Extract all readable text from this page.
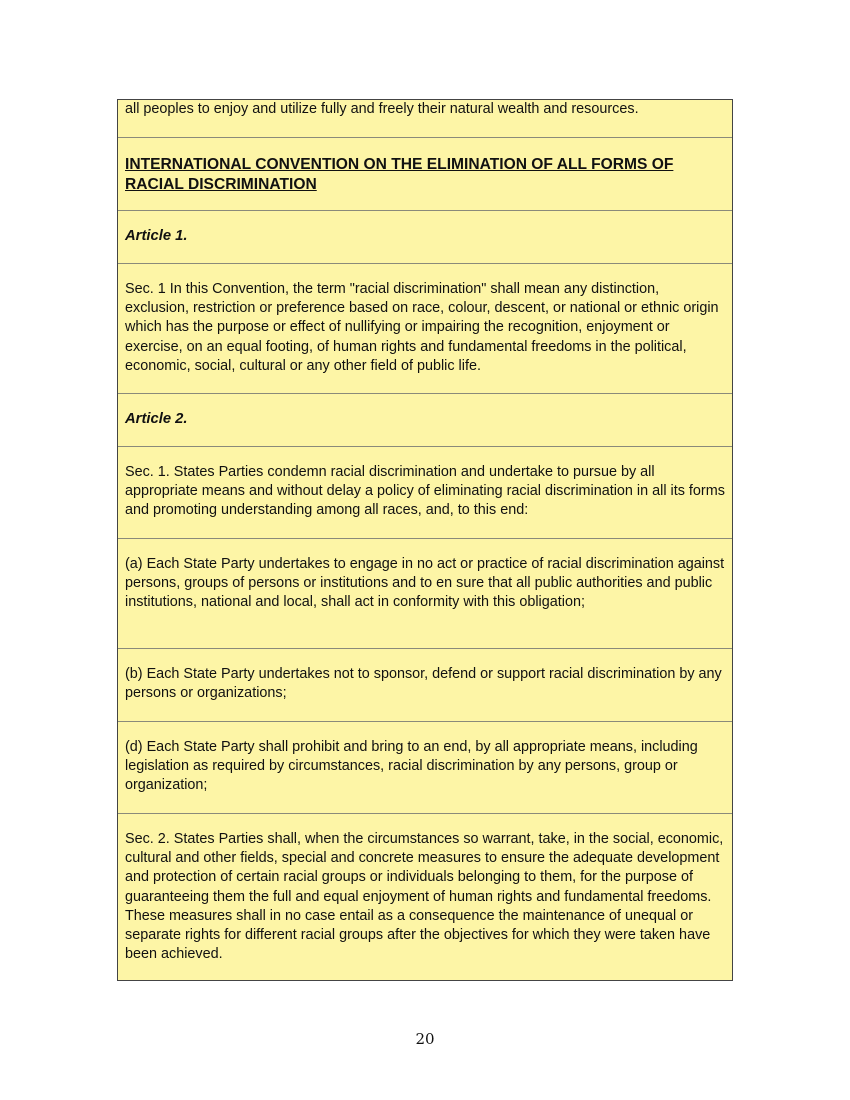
all peoples to enjoy and utilize fully and freely their natural wealth and resources.
INTERNATIONAL CONVENTION ON THE ELIMINATION OF ALL FORMS OF RACIAL DISCRIMINATION
Article 1.
Sec. 1 In this Convention, the term "racial discrimination" shall mean any distinction, exclusion, restriction or preference based on race, colour, descent, or national or ethnic origin which has the purpose or effect of nullifying or impairing the recognition, enjoyment or exercise, on an equal footing, of human rights and fundamental freedoms in the political, economic, social, cultural or any other field of public life.
Article 2.
Sec. 1. States Parties condemn racial discrimination and undertake to pursue by all appropriate means and without delay a policy of eliminating racial discrimination in all its forms and promoting understanding among all races, and, to this end:
(a) Each State Party undertakes to engage in no act or practice of racial discrimination against persons, groups of persons or institutions and to en sure that all public authorities and public institutions, national and local, shall act in conformity with this obligation;
(b) Each State Party undertakes not to sponsor, defend or support racial discrimination by any persons or organizations;
(d) Each State Party shall prohibit and bring to an end, by all appropriate means, including legislation as required by circumstances, racial discrimination by any persons, group or organization;
Sec. 2. States Parties shall, when the circumstances so warrant, take, in the social, economic, cultural and other fields, special and concrete measures to ensure the adequate development and protection of certain racial groups or individuals belonging to them, for the purpose of guaranteeing them the full and equal enjoyment of human rights and fundamental freedoms. These measures shall in no case entail as a consequence the maintenance of unequal or separate rights for different racial groups after the objectives for which they were taken have been achieved.
20
